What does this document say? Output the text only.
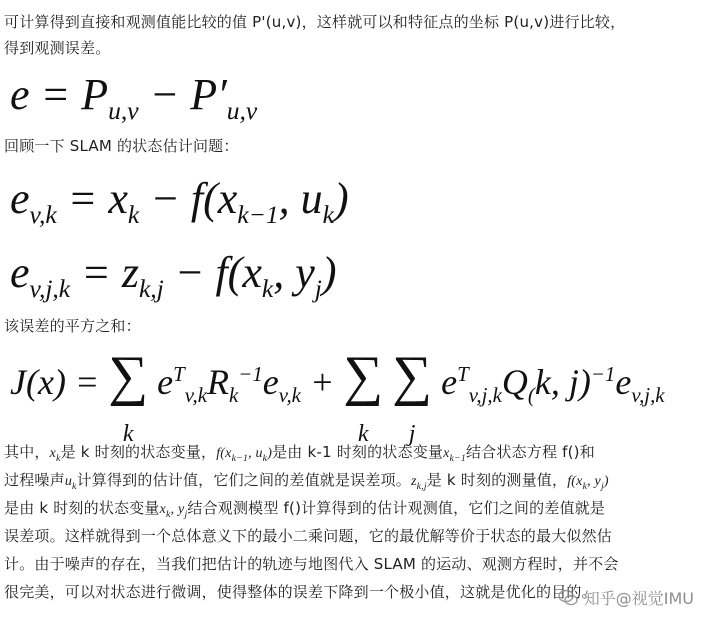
可计算得到直接和观测值能比较的值 P'(u,v)，这样就可以和特征点的坐标 P(u,v)进行比较，
得到观测误差。
$e = P_{u,v} - P'_{u,v}$
回顾一下 SLAM 的状态估计问题：
$e_{v,k} = x_k - f(x_{k-1}$, $u_k$)
$e_{v,j,k} = z_{k,j} - f(x_k$, $y_j$)
该误差的平方之和：
J(x) = ∑
k
$e^T_{v,k}R_k^{-1}e_{v,k}$ + ∑
k
∑
j
$e^T_{v,j,k}Q_(k$, $j)^{-1}e_{v,j,k}$
其中，$x_k$是 k 时刻的状态变量，$f(x_{k-1}$, $u_k$)是由 k-1 时刻的状态变量$x_{k-1}$结合状态方程 f()和
过程噪声$u_k$计算得到的估计值，它们之间的差值就是误差项。$z_{k,j}$是 k 时刻的测量值，$f(x_k$, $y_j$)
是由 k 时刻的状态变量$x_k$, $y_j$结合观测模型 f()计算得到的估计观测值，它们之间的差值就是
误差项。这样就得到一个总体意义下的最小二乘问题，它的最优解等价于状态的最大似然估
计。由于噪声的存在，当我们把估计的轨迹与地图代入 SLAM 的运动、观测方程时，并不会
很完美，可以对状态进行微调，使得整体的误差下降到一个极小值，这就是优化的目的。
知乎@视觉IMU
